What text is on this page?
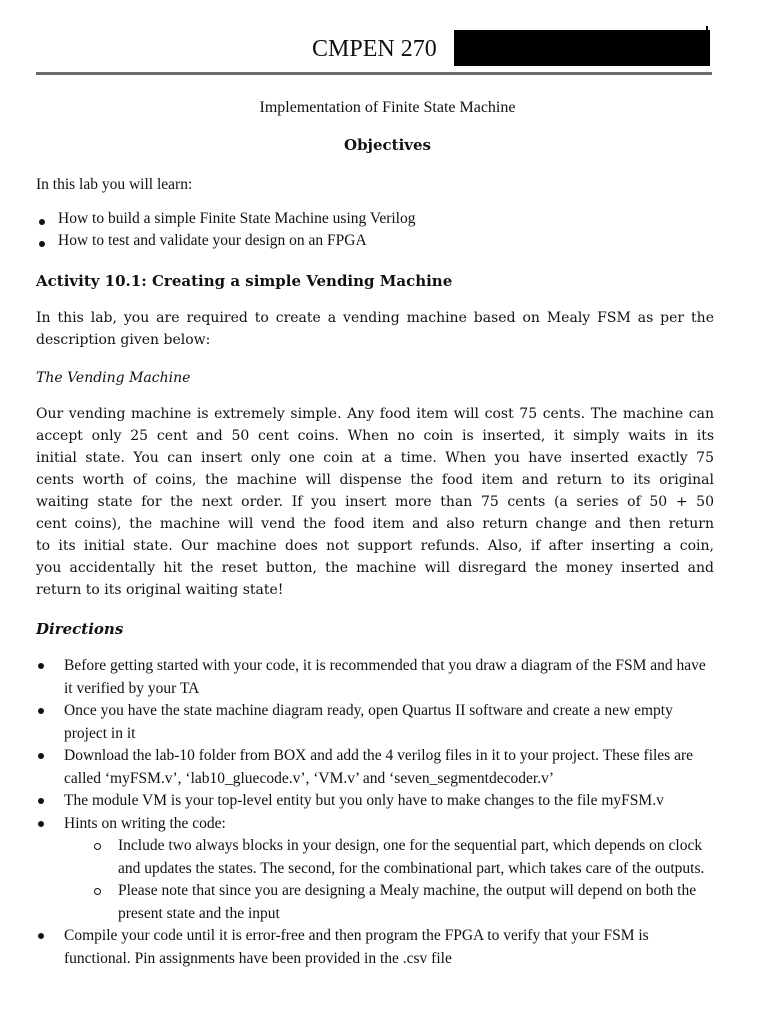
CMPEN 270
Implementation of Finite State Machine
Objectives
In this lab you will learn:
How to build a simple Finite State Machine using Verilog
How to test and validate your design on an FPGA
Activity 10.1: Creating a simple Vending Machine
In this lab, you are required to create a vending machine based on Mealy FSM as per the
description given below:
The Vending Machine
Our vending machine is extremely simple. Any food item will cost 75 cents. The machine can
accept only 25 cent and 50 cent coins. When no coin is inserted, it simply waits in its
initial state. You can insert only one coin at a time. When you have inserted exactly 75
cents worth of coins, the machine will dispense the food item and return to its original
waiting state for the next order. If you insert more than 75 cents (a series of 50 + 50
cent coins), the machine will vend the food item and also return change and then return
to its initial state. Our machine does not support refunds. Also, if after inserting a coin,
you accidentally hit the reset button, the machine will disregard the money inserted and
return to its original waiting state!
Directions
Before getting started with your code, it is recommended that you draw a diagram of the FSM and have it verified by your TA
Once you have the state machine diagram ready, open Quartus II software and create a new empty project in it
Download the lab-10 folder from BOX and add the 4 verilog files in it to your project. These files are called ‘myFSM.v’, ‘lab10_gluecode.v’, ‘VM.v’ and ‘seven_segmentdecoder.v’
The module VM is your top-level entity but you only have to make changes to the file myFSM.v
Hints on writing the code:
Include two always blocks in your design, one for the sequential part, which depends on clock and updates the states. The second, for the combinational part, which takes care of the outputs.
Please note that since you are designing a Mealy machine, the output will depend on both the present state and the input
Compile your code until it is error-free and then program the FPGA to verify that your FSM is functional. Pin assignments have been provided in the .csv file
